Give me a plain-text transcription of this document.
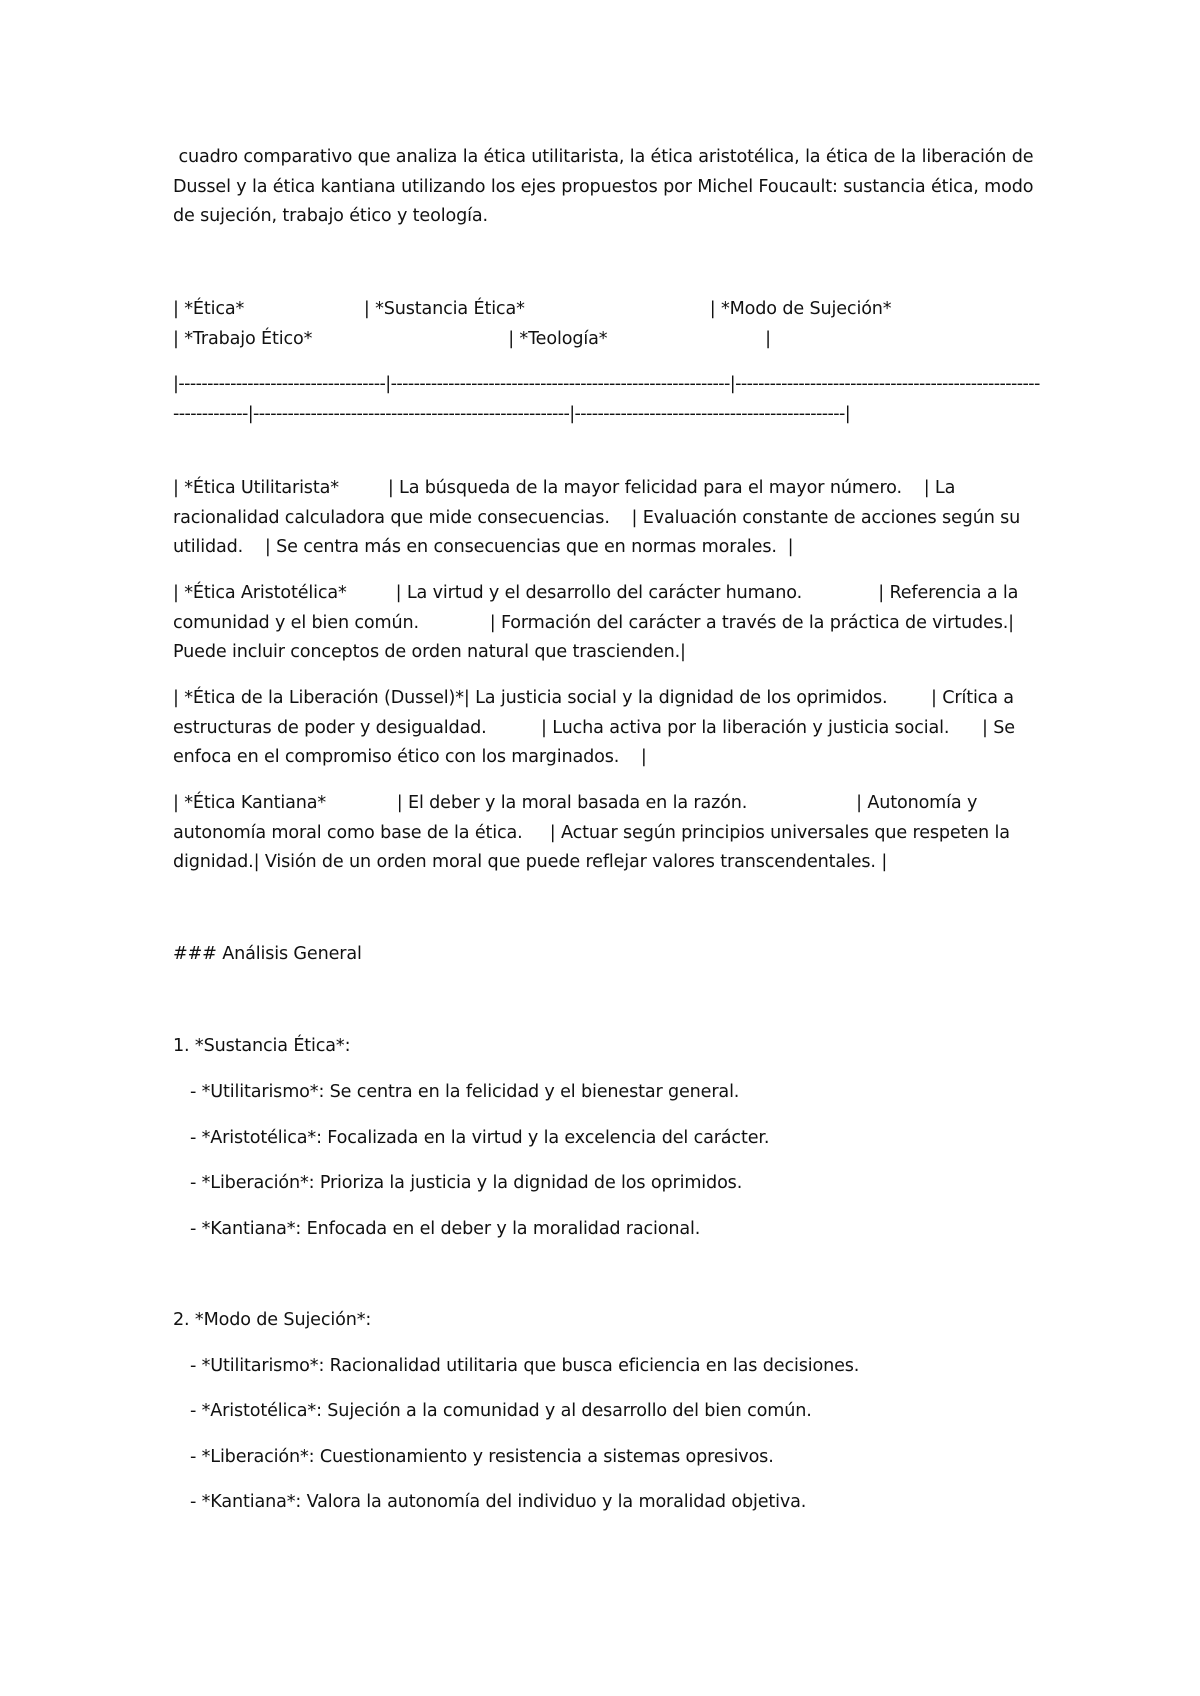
cuadro comparativo que analiza la ética utilitarista, la ética aristotélica, la ética de la liberación de Dussel y la ética kantiana utilizando los ejes propuestos por Michel Foucault: sustancia ética, modo de sujeción, trabajo ético y teología.
| *Ética*                      | *Sustancia Ética*                                  | *Modo de Sujeción*                               | *Trabajo Ético*                                    | *Teología*                             |
|------------------------------------|-----------------------------------------------------------|------------------------------------------------------------------|-------------------------------------------------------|-----------------------------------------------|
| *Ética Utilitarista*         | La búsqueda de la mayor felicidad para el mayor número.    | La racionalidad calculadora que mide consecuencias.    | Evaluación constante de acciones según su utilidad.    | Se centra más en consecuencias que en normas morales.  |
| *Ética Aristotélica*         | La virtud y el desarrollo del carácter humano.              | Referencia a la comunidad y el bien común.             | Formación del carácter a través de la práctica de virtudes.| Puede incluir conceptos de orden natural que trascienden.|
| *Ética de la Liberación (Dussel)*| La justicia social y la dignidad de los oprimidos.        | Crítica a estructuras de poder y desigualdad.          | Lucha activa por la liberación y justicia social.      | Se enfoca en el compromiso ético con los marginados.    |
| *Ética Kantiana*             | El deber y la moral basada en la razón.                    | Autonomía y autonomía moral como base de la ética.     | Actuar según principios universales que respeten la dignidad.| Visión de un orden moral que puede reflejar valores transcendentales. |
### Análisis General
1. *Sustancia Ética*:
- *Utilitarismo*: Se centra en la felicidad y el bienestar general.
- *Aristotélica*: Focalizada en la virtud y la excelencia del carácter.
- *Liberación*: Prioriza la justicia y la dignidad de los oprimidos.
- *Kantiana*: Enfocada en el deber y la moralidad racional.
2. *Modo de Sujeción*:
- *Utilitarismo*: Racionalidad utilitaria que busca eficiencia en las decisiones.
- *Aristotélica*: Sujeción a la comunidad y al desarrollo del bien común.
- *Liberación*: Cuestionamiento y resistencia a sistemas opresivos.
- *Kantiana*: Valora la autonomía del individuo y la moralidad objetiva.
